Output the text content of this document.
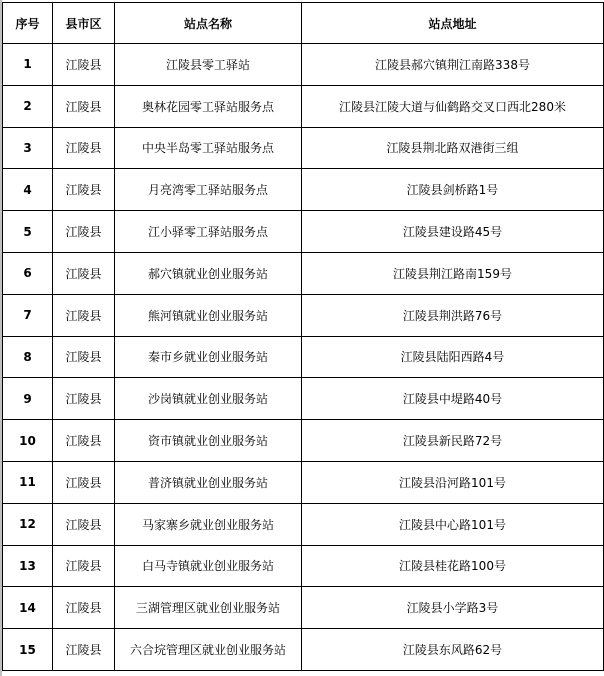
序号	县市区	站点名称	站点地址
1	江陵县	江陵县零工驿站	江陵县郝穴镇荆江南路338号
2	江陵县	奥林花园零工驿站服务点	江陵县江陵大道与仙鹤路交叉口西北280米
3	江陵县	中央半岛零工驿站服务点	江陵县荆北路双港街三组
4	江陵县	月亮湾零工驿站服务点	江陵县剑桥路1号
5	江陵县	江小驿零工驿站服务点	江陵县建设路45号
6	江陵县	郝穴镇就业创业服务站	江陵县荆江路南159号
7	江陵县	熊河镇就业创业服务站	江陵县荆洪路76号
8	江陵县	秦市乡就业创业服务站	江陵县陆阳西路4号
9	江陵县	沙岗镇就业创业服务站	江陵县中堤路40号
10	江陵县	资市镇就业创业服务站	江陵县新民路72号
11	江陵县	普济镇就业创业服务站	江陵县沿河路101号
12	江陵县	马家寨乡就业创业服务站	江陵县中心路101号
13	江陵县	白马寺镇就业创业服务站	江陵县桂花路100号
14	江陵县	三湖管理区就业创业服务站	江陵县小学路3号
15	江陵县	六合垸管理区就业创业服务站	江陵县东风路62号
